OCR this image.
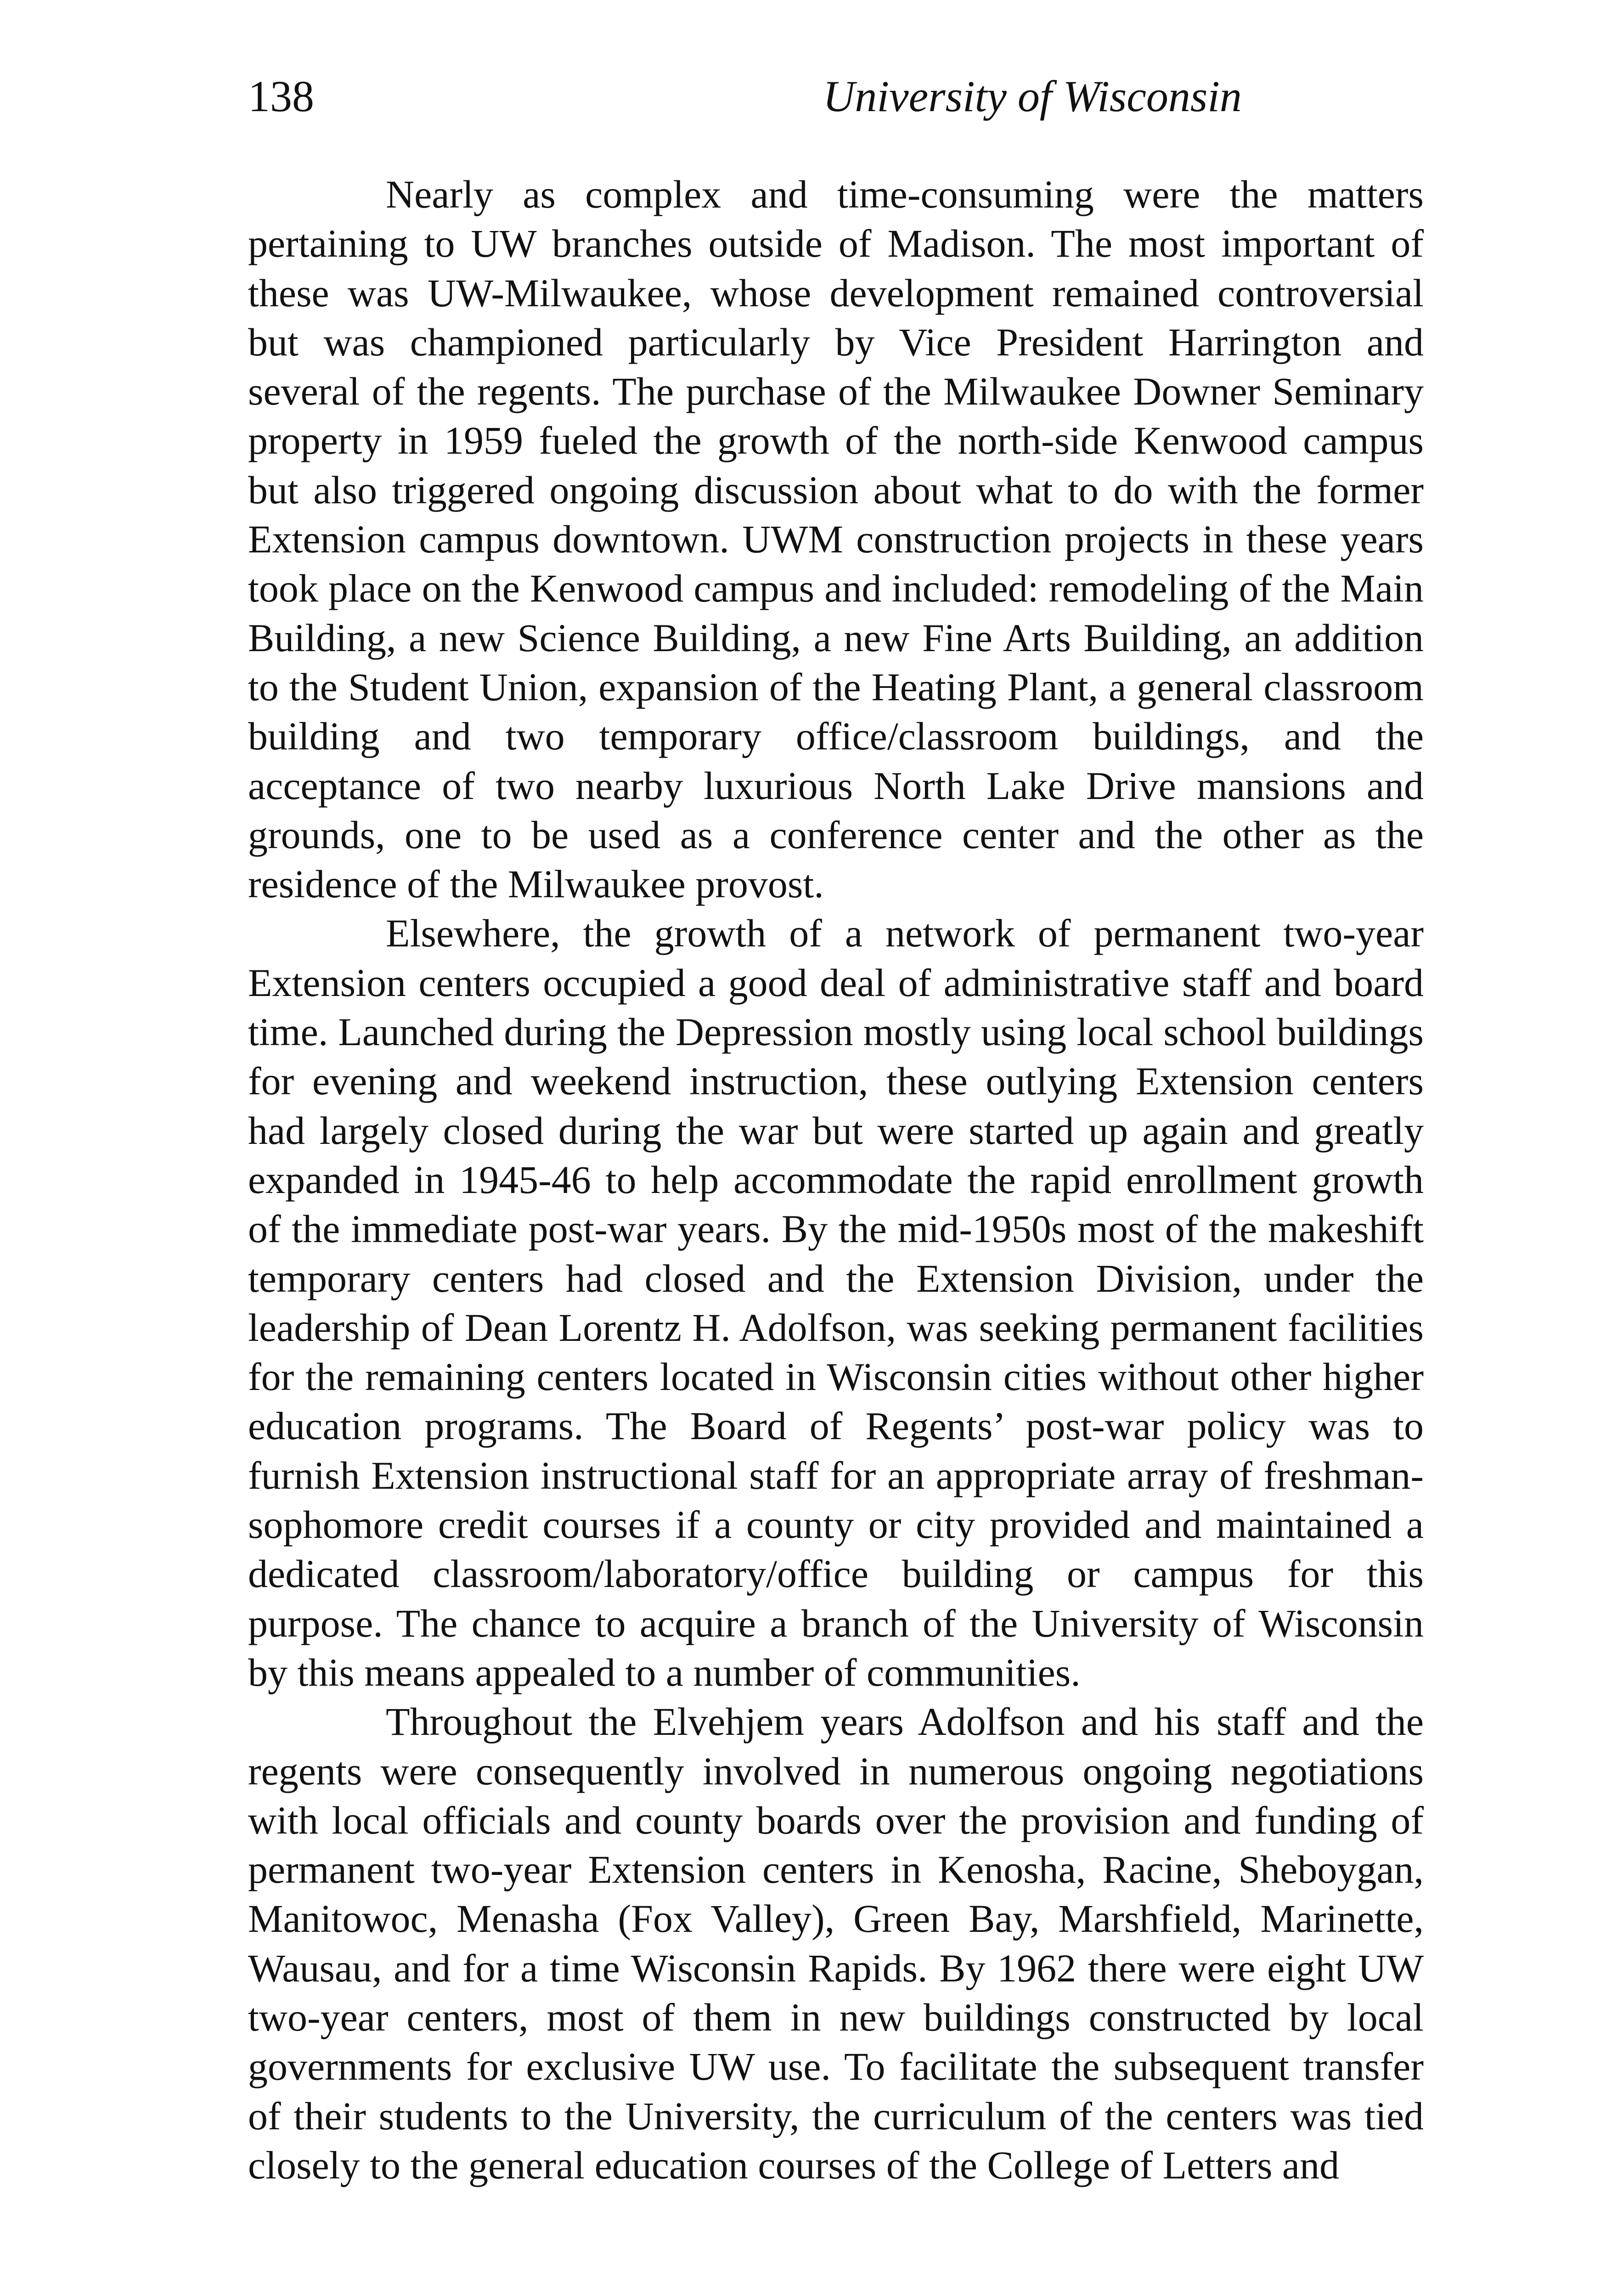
138	University of Wisconsin

Nearly as complex and time-consuming were the matters pertaining to UW branches outside of Madison. The most important of these was UW-Milwaukee, whose development remained controversial but was championed particularly by Vice President Harrington and several of the regents. The purchase of the Milwaukee Downer Seminary property in 1959 fueled the growth of the north-side Kenwood campus but also triggered ongoing discussion about what to do with the former Extension campus downtown. UWM construction projects in these years took place on the Kenwood campus and included: remodeling of the Main Building, a new Science Building, a new Fine Arts Building, an addition to the Student Union, expansion of the Heating Plant, a general classroom building and two temporary office/classroom buildings, and the acceptance of two nearby luxurious North Lake Drive mansions and grounds, one to be used as a conference center and the other as the residence of the Milwaukee provost.

Elsewhere, the growth of a network of permanent two-year Extension centers occupied a good deal of administrative staff and board time. Launched during the Depression mostly using local school buildings for evening and weekend instruction, these outlying Extension centers had largely closed during the war but were started up again and greatly expanded in 1945-46 to help accommodate the rapid enrollment growth of the immediate post-war years. By the mid-1950s most of the makeshift temporary centers had closed and the Extension Division, under the leadership of Dean Lorentz H. Adolfson, was seeking permanent facilities for the remaining centers located in Wisconsin cities without other higher education programs. The Board of Regents’ post-war policy was to furnish Extension instructional staff for an appropriate array of freshman-sophomore credit courses if a county or city provided and maintained a dedicated classroom/laboratory/office building or campus for this purpose. The chance to acquire a branch of the University of Wisconsin by this means appealed to a number of communities.

Throughout the Elvehjem years Adolfson and his staff and the regents were consequently involved in numerous ongoing negotiations with local officials and county boards over the provision and funding of permanent two-year Extension centers in Kenosha, Racine, Sheboygan, Manitowoc, Menasha (Fox Valley), Green Bay, Marshfield, Marinette, Wausau, and for a time Wisconsin Rapids. By 1962 there were eight UW two-year centers, most of them in new buildings constructed by local governments for exclusive UW use. To facilitate the subsequent transfer of their students to the University, the curriculum of the centers was tied closely to the general education courses of the College of Letters and
